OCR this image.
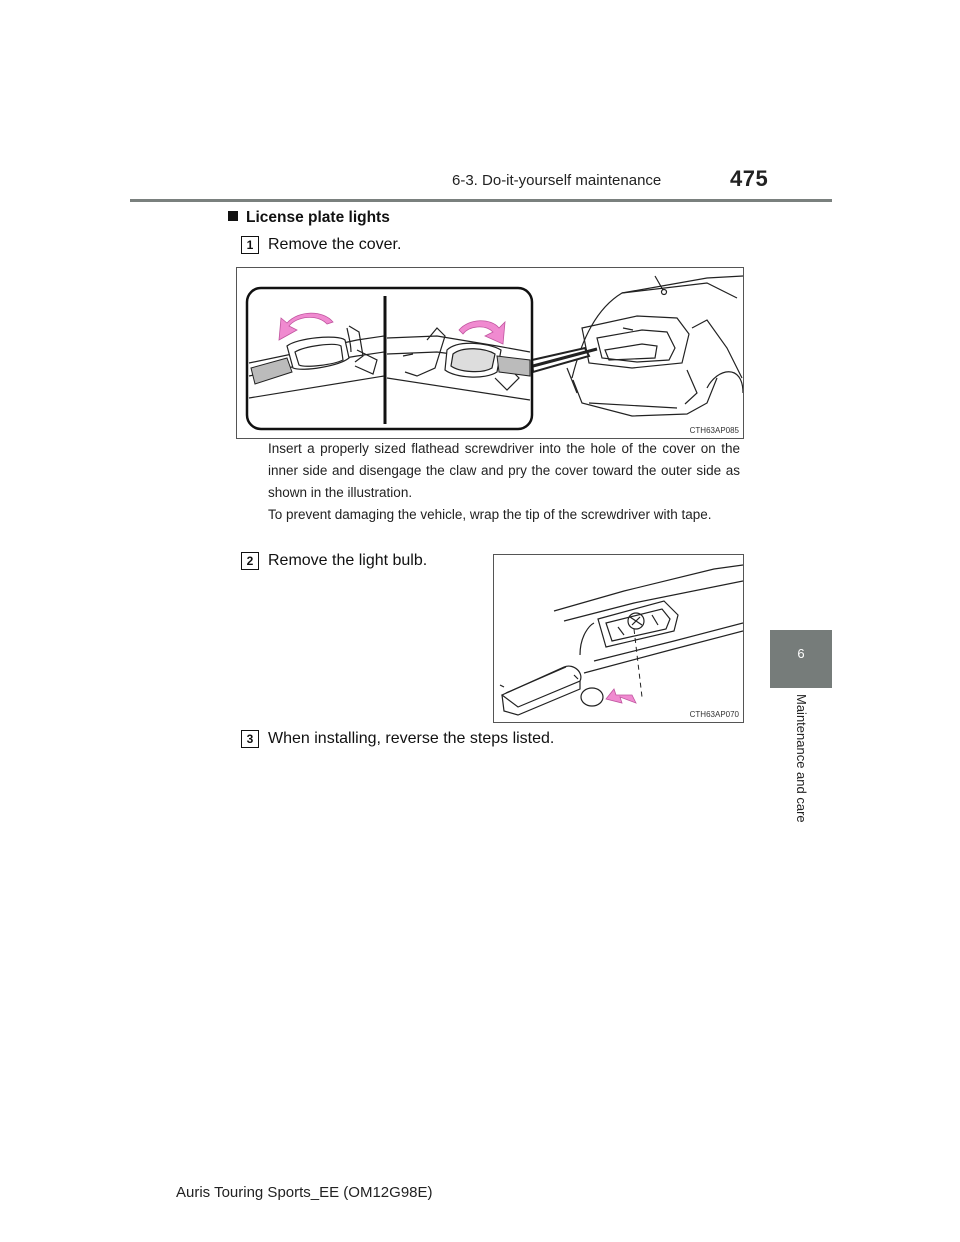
6-3. Do-it-yourself maintenance	475
License plate lights
1 Remove the cover.
CTH63AP085
Insert a properly sized flathead screwdriver into the hole of the cover on the inner side and disengage the claw and pry the cover toward the outer side as shown in the illustration.
To prevent damaging the vehicle, wrap the tip of the screwdriver with tape.
2 Remove the light bulb.
CTH63AP070
3 When installing, reverse the steps listed.
6
Maintenance and care
Auris Touring Sports_EE (OM12G98E)
